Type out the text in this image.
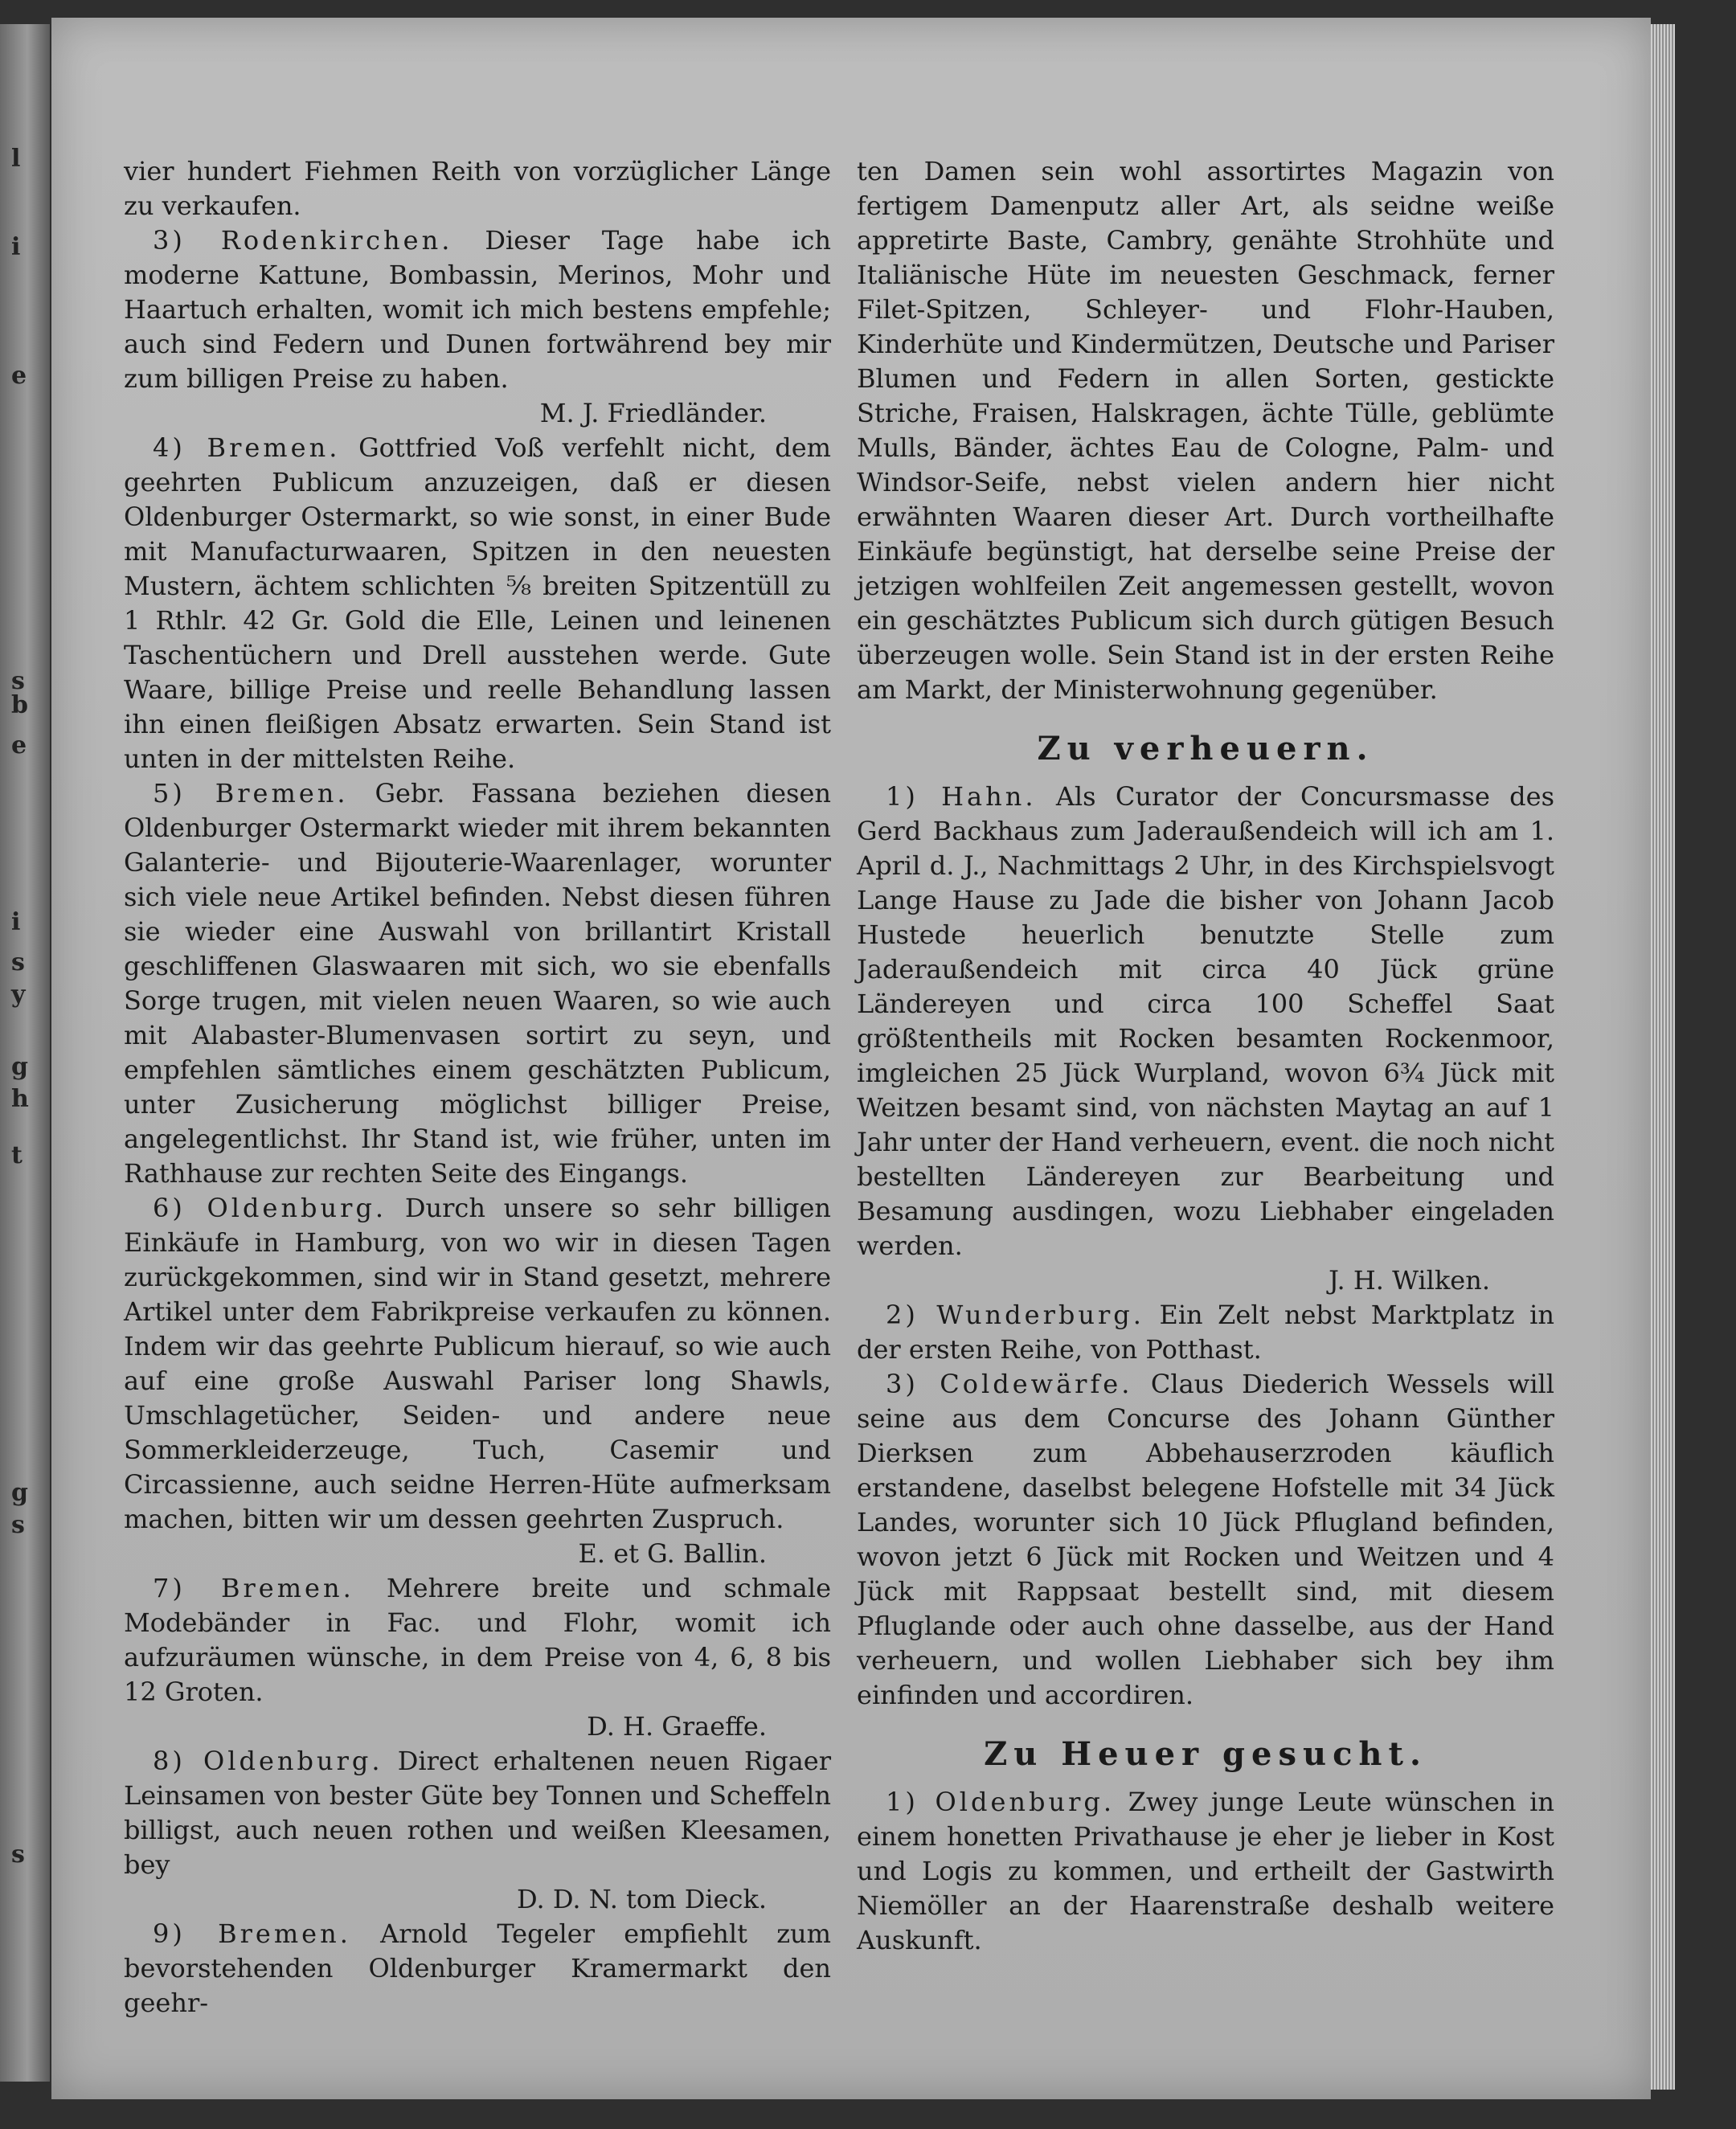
l
i
e
s
b
e
i
s
y
g
h
t
g
s
s

vier hundert Fiehmen Reith von vorzüglicher Länge zu verkaufen.

3) Rodenkirchen. Dieser Tage habe ich moderne Kattune, Bombassin, Merinos, Mohr und Haartuch erhalten, womit ich mich bestens empfehle; auch sind Federn und Dunen fortwährend bey mir zum billigen Preise zu haben.

M. J. Friedländer.

4) Bremen. Gottfried Voß verfehlt nicht, dem geehrten Publicum anzuzeigen, daß er diesen Oldenburger Ostermarkt, so wie sonst, in einer Bude mit Manufacturwaaren, Spitzen in den neuesten Mustern, ächtem schlichten ⅝ breiten Spitzentüll zu 1 Rthlr. 42 Gr. Gold die Elle, Leinen und leinenen Taschentüchern und Drell ausstehen werde. Gute Waare, billige Preise und reelle Behandlung lassen ihn einen fleißigen Absatz erwarten. Sein Stand ist unten in der mittelsten Reihe.

5) Bremen. Gebr. Fassana beziehen diesen Oldenburger Ostermarkt wieder mit ihrem bekannten Galanterie- und Bijouterie-Waarenlager, worunter sich viele neue Artikel befinden. Nebst diesen führen sie wieder eine Auswahl von brillantirt Kristall geschliffenen Glaswaaren mit sich, wo sie ebenfalls Sorge trugen, mit vielen neuen Waaren, so wie auch mit Alabaster-Blumenvasen sortirt zu seyn, und empfehlen sämtliches einem geschätzten Publicum, unter Zusicherung möglichst billiger Preise, angelegentlichst. Ihr Stand ist, wie früher, unten im Rathhause zur rechten Seite des Eingangs.

6) Oldenburg. Durch unsere so sehr billigen Einkäufe in Hamburg, von wo wir in diesen Tagen zurückgekommen, sind wir in Stand gesetzt, mehrere Artikel unter dem Fabrikpreise verkaufen zu können. Indem wir das geehrte Publicum hierauf, so wie auch auf eine große Auswahl Pariser long Shawls, Umschlagetücher, Seiden- und andere neue Sommerkleiderzeuge, Tuch, Casemir und Circassienne, auch seidne Herren-Hüte aufmerksam machen, bitten wir um dessen geehrten Zuspruch.

E. et G. Ballin.

7) Bremen. Mehrere breite und schmale Modebänder in Fac. und Flohr, womit ich aufzuräumen wünsche, in dem Preise von 4, 6, 8 bis 12 Groten.

D. H. Graeffe.

8) Oldenburg. Direct erhaltenen neuen Rigaer Leinsamen von bester Güte bey Tonnen und Scheffeln billigst, auch neuen rothen und weißen Kleesamen, bey

D. D. N. tom Dieck.

9) Bremen. Arnold Tegeler empfiehlt zum bevorstehenden Oldenburger Kramermarkt den geehr-

ten Damen sein wohl assortirtes Magazin von fertigem Damenputz aller Art, als seidne weiße appretirte Baste, Cambry, genähte Strohhüte und Italiänische Hüte im neuesten Geschmack, ferner Filet-Spitzen, Schleyer- und Flohr-Hauben, Kinderhüte und Kindermützen, Deutsche und Pariser Blumen und Federn in allen Sorten, gestickte Striche, Fraisen, Halskragen, ächte Tülle, geblümte Mulls, Bänder, ächtes Eau de Cologne, Palm- und Windsor-Seife, nebst vielen andern hier nicht erwähnten Waaren dieser Art. Durch vortheilhafte Einkäufe begünstigt, hat derselbe seine Preise der jetzigen wohlfeilen Zeit angemessen gestellt, wovon ein geschätztes Publicum sich durch gütigen Besuch überzeugen wolle. Sein Stand ist in der ersten Reihe am Markt, der Ministerwohnung gegenüber.

Zu verheuern.

1) Hahn. Als Curator der Concursmasse des Gerd Backhaus zum Jaderaußendeich will ich am 1. April d. J., Nachmittags 2 Uhr, in des Kirchspielsvogt Lange Hause zu Jade die bisher von Johann Jacob Hustede heuerlich benutzte Stelle zum Jaderaußendeich mit circa 40 Jück grüne Ländereyen und circa 100 Scheffel Saat größtentheils mit Rocken besamten Rockenmoor, imgleichen 25 Jück Wurpland, wovon 6¾ Jück mit Weitzen besamt sind, von nächsten Maytag an auf 1 Jahr unter der Hand verheuern, event. die noch nicht bestellten Ländereyen zur Bearbeitung und Besamung ausdingen, wozu Liebhaber eingeladen werden.

J. H. Wilken.

2) Wunderburg. Ein Zelt nebst Marktplatz in der ersten Reihe, von Potthast.

3) Coldewärfe. Claus Diederich Wessels will seine aus dem Concurse des Johann Günther Dierksen zum Abbehauserzroden käuflich erstandene, daselbst belegene Hofstelle mit 34 Jück Landes, worunter sich 10 Jück Pflugland befinden, wovon jetzt 6 Jück mit Rocken und Weitzen und 4 Jück mit Rappsaat bestellt sind, mit diesem Pfluglande oder auch ohne dasselbe, aus der Hand verheuern, und wollen Liebhaber sich bey ihm einfinden und accordiren.

Zu Heuer gesucht.

1) Oldenburg. Zwey junge Leute wünschen in einem honetten Privathause je eher je lieber in Kost und Logis zu kommen, und ertheilt der Gastwirth Niemöller an der Haarenstraße deshalb weitere Auskunft.
